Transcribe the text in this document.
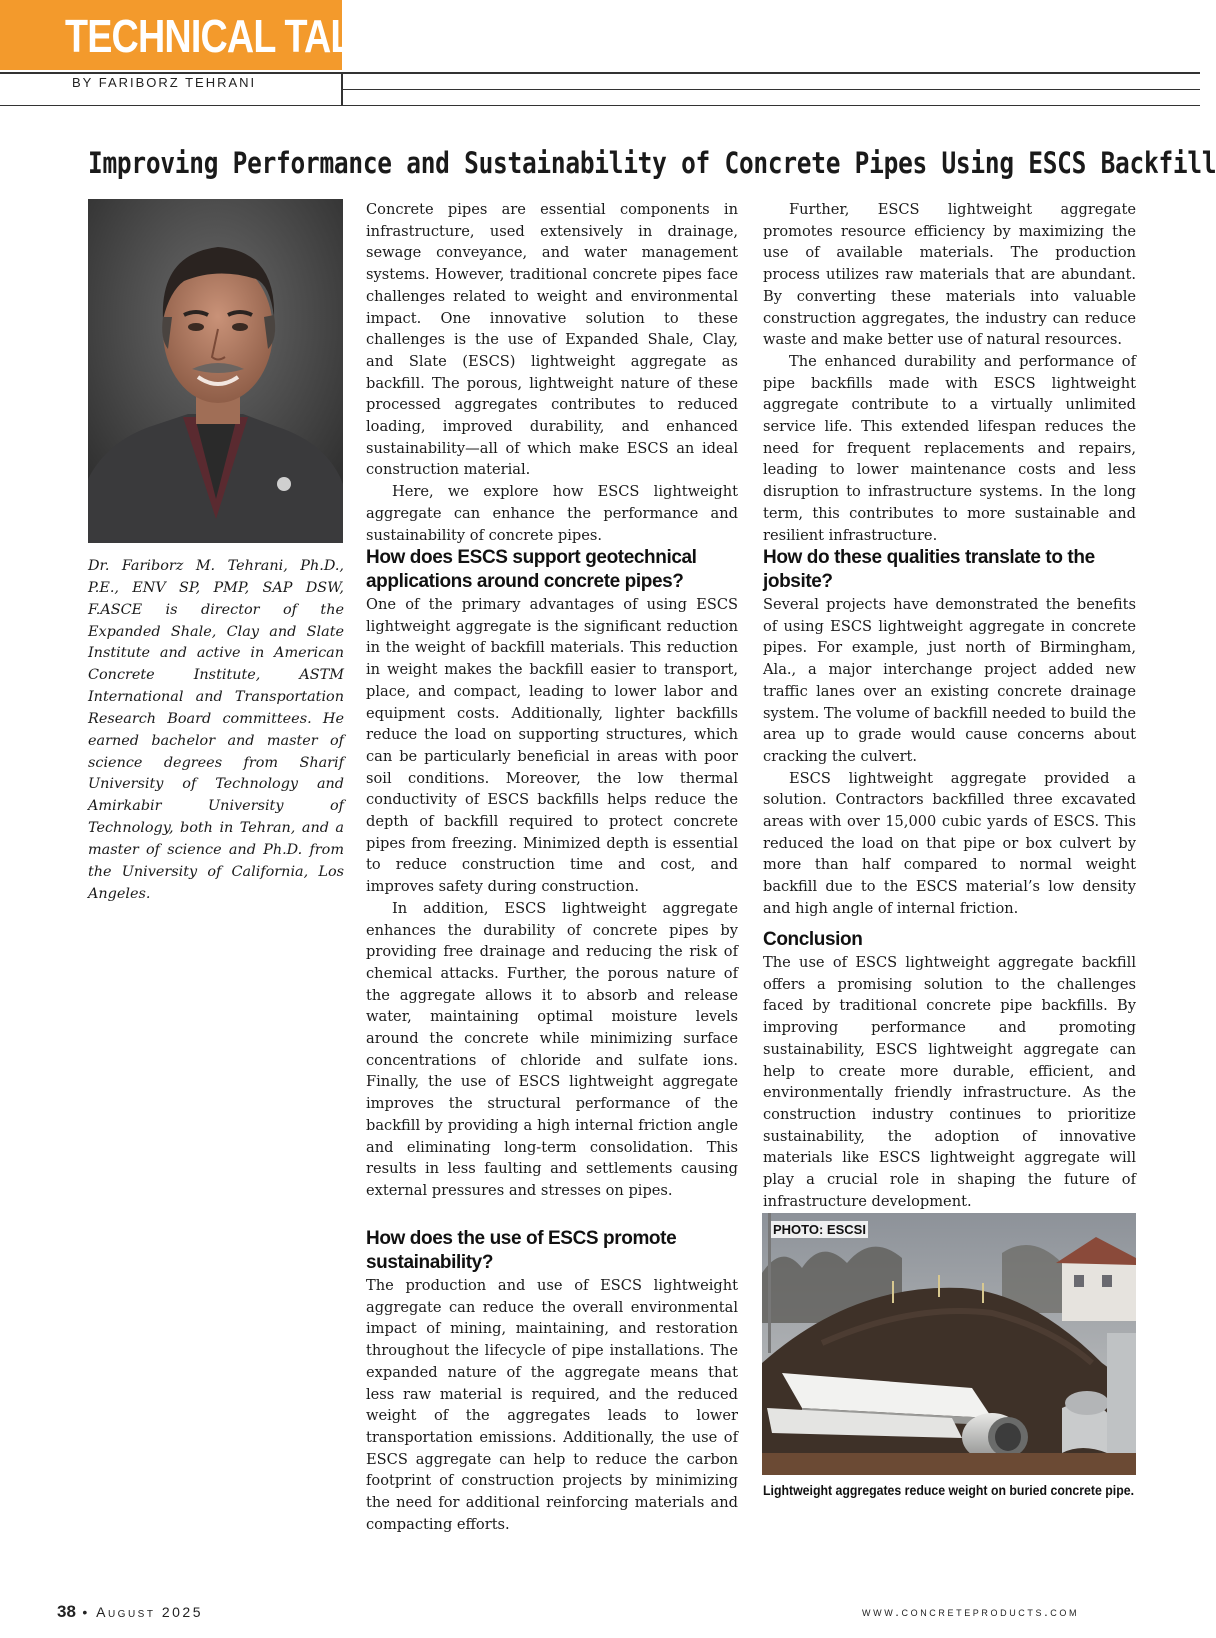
TECHNICAL TALK
BY FARIBORZ TEHRANI
Improving Performance and Sustainability of Concrete Pipes Using ESCS Backfill
Dr. Fariborz M. Tehrani, Ph.D., P.E., ENV SP, PMP, SAP DSW, F.ASCE is director of the Expanded Shale, Clay and Slate Institute and active in American Concrete Institute, ASTM International and Transportation Research Board committees. He earned bachelor and master of science degrees from Sharif University of Technology and Amirkabir University of Technology, both in Tehran, and a master of science and Ph.D. from the University of California, Los Angeles.

Concrete pipes are essential components in infrastructure, used extensively in drainage, sewage conveyance, and water management systems. However, traditional concrete pipes face challenges related to weight and environmental impact. One innovative solution to these challenges is the use of Expanded Shale, Clay, and Slate (ESCS) lightweight aggregate as backfill. The porous, lightweight nature of these processed aggregates contributes to reduced loading, improved durability, and enhanced sustainability—all of which make ESCS an ideal construction material.

Here, we explore how ESCS lightweight aggregate can enhance the performance and sustainability of concrete pipes.

How does ESCS support geotechnical applications around concrete pipes?

One of the primary advantages of using ESCS lightweight aggregate is the significant reduction in the weight of backfill materials. This reduction in weight makes the backfill easier to transport, place, and compact, leading to lower labor and equipment costs. Additionally, lighter backfills reduce the load on supporting structures, which can be particularly beneficial in areas with poor soil conditions. Moreover, the low thermal conductivity of ESCS backfills helps reduce the depth of backfill required to protect concrete pipes from freezing. Minimized depth is essential to reduce construction time and cost, and improves safety during construction.

In addition, ESCS lightweight aggregate enhances the durability of concrete pipes by providing free drainage and reducing the risk of chemical attacks. Further, the porous nature of the aggregate allows it to absorb and release water, maintaining optimal moisture levels around the concrete while minimizing surface concentrations of chloride and sulfate ions. Finally, the use of ESCS lightweight aggregate improves the structural performance of the backfill by providing a high internal friction angle and eliminating long-term consolidation. This results in less faulting and settlements causing external pressures and stresses on pipes.

How does the use of ESCS promote sustainability?

The production and use of ESCS lightweight aggregate can reduce the overall environmental impact of mining, maintaining, and restoration throughout the lifecycle of pipe installations. The expanded nature of the aggregate means that less raw material is required, and the reduced weight of the aggregates leads to lower transportation emissions. Additionally, the use of ESCS aggregate can help to reduce the carbon footprint of construction projects by minimizing the need for additional reinforcing materials and compacting efforts.

Further, ESCS lightweight aggregate promotes resource efficiency by maximizing the use of available materials. The production process utilizes raw materials that are abundant. By converting these materials into valuable construction aggregates, the industry can reduce waste and make better use of natural resources.

The enhanced durability and performance of pipe backfills made with ESCS lightweight aggregate contribute to a virtually unlimited service life. This extended lifespan reduces the need for frequent replacements and repairs, leading to lower maintenance costs and less disruption to infrastructure systems. In the long term, this contributes to more sustainable and resilient infrastructure.

How do these qualities translate to the jobsite?

Several projects have demonstrated the benefits of using ESCS lightweight aggregate in concrete pipes. For example, just north of Birmingham, Ala., a major interchange project added new traffic lanes over an existing concrete drainage system. The volume of backfill needed to build the area up to grade would cause concerns about cracking the culvert.

ESCS lightweight aggregate provided a solution. Contractors backfilled three excavated areas with over 15,000 cubic yards of ESCS. This reduced the load on that pipe or box culvert by more than half compared to normal weight backfill due to the ESCS material’s low density and high angle of internal friction.

Conclusion

The use of ESCS lightweight aggregate backfill offers a promising solution to the challenges faced by traditional concrete pipe backfills. By improving performance and promoting sustainability, ESCS lightweight aggregate can help to create more durable, efficient, and environmentally friendly infrastructure. As the construction industry continues to prioritize sustainability, the adoption of innovative materials like ESCS lightweight aggregate will play a crucial role in shaping the future of infrastructure development.

PHOTO: ESCSI
Lightweight aggregates reduce weight on buried concrete pipe.
38 • August 2025	www.concreteproducts.com
